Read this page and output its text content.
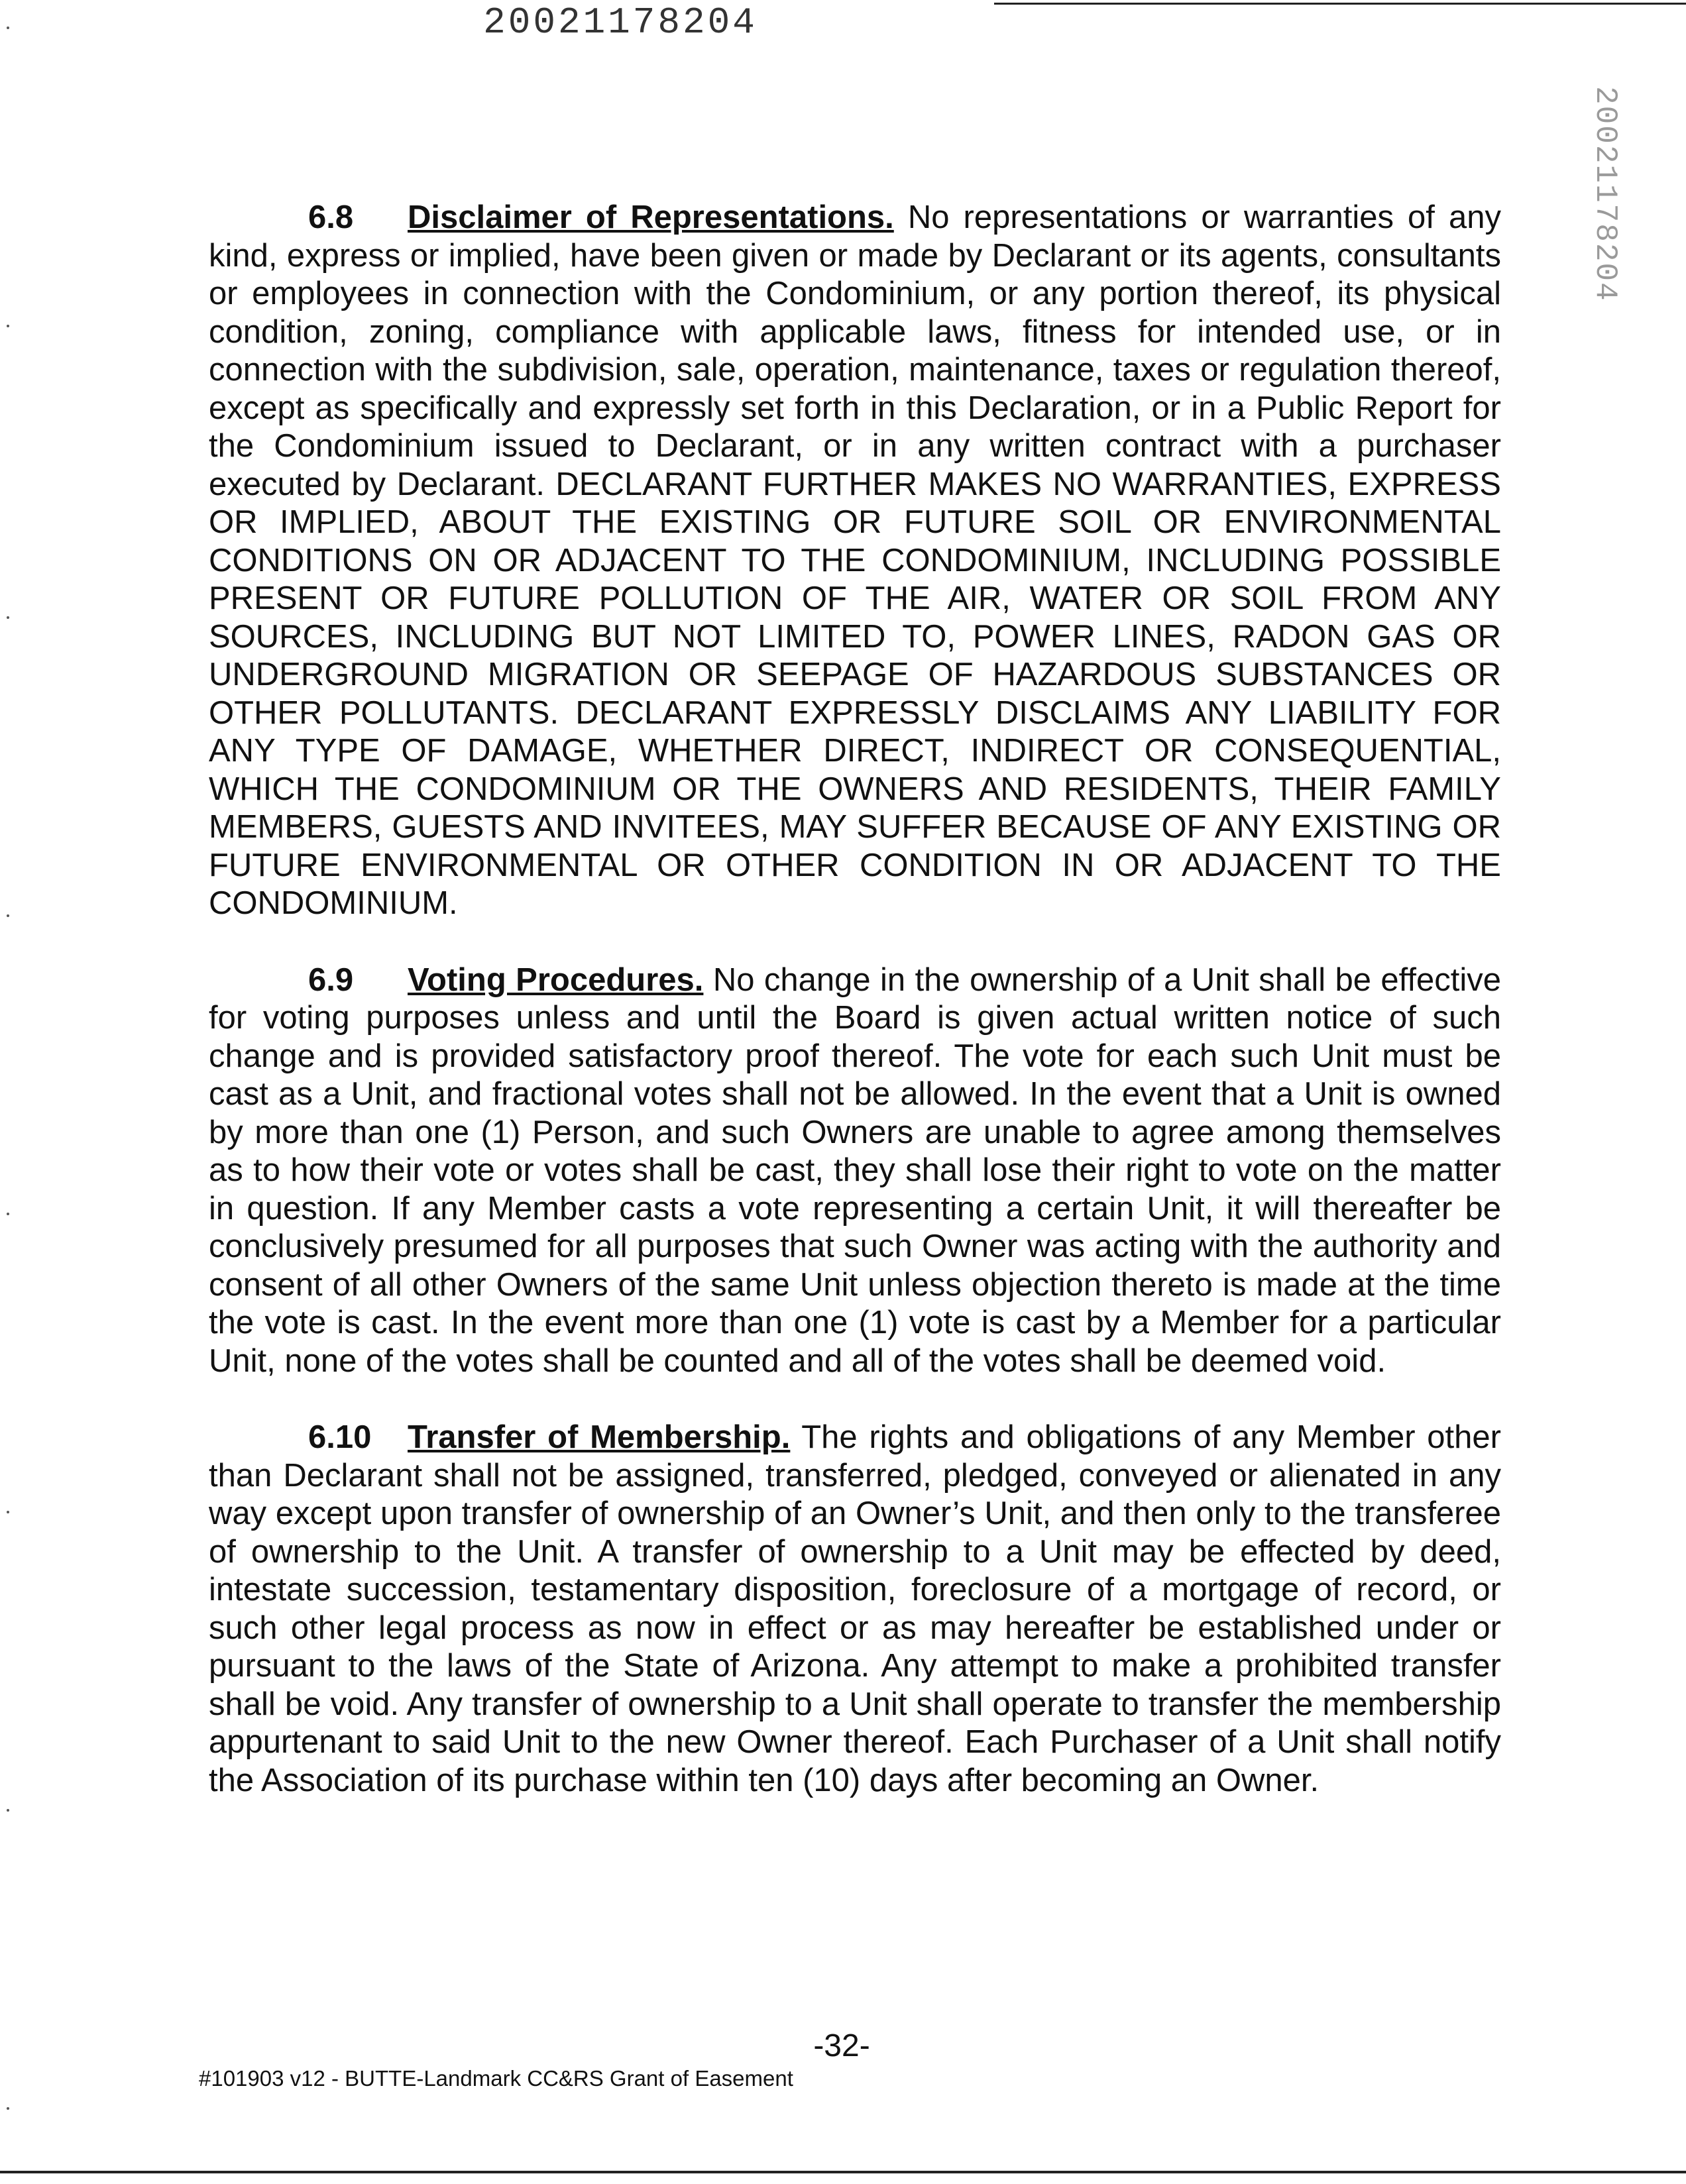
20021178204
20021178204

6.8 Disclaimer of Representations. No representations or warranties of any kind, express or implied, have been given or made by Declarant or its agents, consultants or employees in connection with the Condominium, or any portion thereof, its physical condition, zoning, compliance with applicable laws, fitness for intended use, or in connection with the subdivision, sale, operation, maintenance, taxes or regulation thereof, except as specifically and expressly set forth in this Declaration, or in a Public Report for the Condominium issued to Declarant, or in any written contract with a purchaser executed by Declarant. DECLARANT FURTHER MAKES NO WARRANTIES, EXPRESS OR IMPLIED, ABOUT THE EXISTING OR FUTURE SOIL OR ENVIRONMENTAL CONDITIONS ON OR ADJACENT TO THE CONDOMINIUM, INCLUDING POSSIBLE PRESENT OR FUTURE POLLUTION OF THE AIR, WATER OR SOIL FROM ANY SOURCES, INCLUDING BUT NOT LIMITED TO, POWER LINES, RADON GAS OR UNDERGROUND MIGRATION OR SEEPAGE OF HAZARDOUS SUBSTANCES OR OTHER POLLUTANTS. DECLARANT EXPRESSLY DISCLAIMS ANY LIABILITY FOR ANY TYPE OF DAMAGE, WHETHER DIRECT, INDIRECT OR CONSEQUENTIAL, WHICH THE CONDOMINIUM OR THE OWNERS AND RESIDENTS, THEIR FAMILY MEMBERS, GUESTS AND INVITEES, MAY SUFFER BECAUSE OF ANY EXISTING OR FUTURE ENVIRONMENTAL OR OTHER CONDITION IN OR ADJACENT TO THE CONDOMINIUM.

6.9 Voting Procedures. No change in the ownership of a Unit shall be effective for voting purposes unless and until the Board is given actual written notice of such change and is provided satisfactory proof thereof. The vote for each such Unit must be cast as a Unit, and fractional votes shall not be allowed. In the event that a Unit is owned by more than one (1) Person, and such Owners are unable to agree among themselves as to how their vote or votes shall be cast, they shall lose their right to vote on the matter in question. If any Member casts a vote representing a certain Unit, it will thereafter be conclusively presumed for all purposes that such Owner was acting with the authority and consent of all other Owners of the same Unit unless objection thereto is made at the time the vote is cast. In the event more than one (1) vote is cast by a Member for a particular Unit, none of the votes shall be counted and all of the votes shall be deemed void.

6.10 Transfer of Membership. The rights and obligations of any Member other than Declarant shall not be assigned, transferred, pledged, conveyed or alienated in any way except upon transfer of ownership of an Owner’s Unit, and then only to the transferee of ownership to the Unit. A transfer of ownership to a Unit may be effected by deed, intestate succession, testamentary disposition, foreclosure of a mortgage of record, or such other legal process as now in effect or as may hereafter be established under or pursuant to the laws of the State of Arizona. Any attempt to make a prohibited transfer shall be void. Any transfer of ownership to a Unit shall operate to transfer the membership appurtenant to said Unit to the new Owner thereof. Each Purchaser of a Unit shall notify the Association of its purchase within ten (10) days after becoming an Owner.

-32-
#101903 v12 - BUTTE-Landmark CC&RS Grant of Easement
